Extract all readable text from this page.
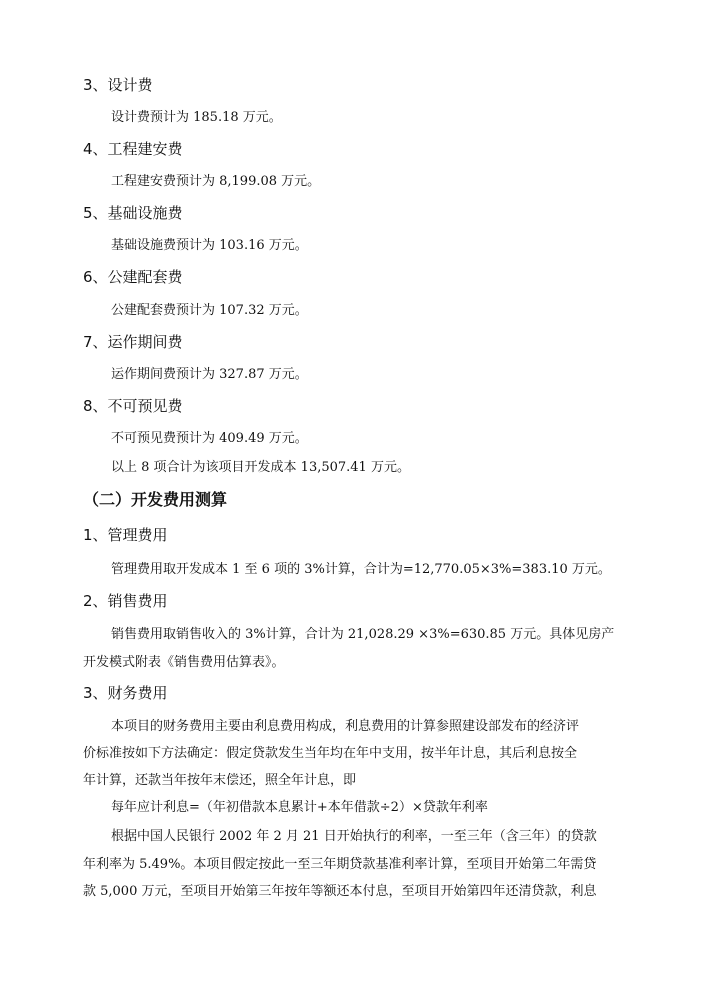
3、设计费
设计费预计为 185.18 万元。
4、工程建安费
工程建安费预计为 8,199.08 万元。
5、基础设施费
基础设施费预计为 103.16 万元。
6、公建配套费
公建配套费预计为 107.32 万元。
7、运作期间费
运作期间费预计为 327.87 万元。
8、不可预见费
不可预见费预计为 409.49 万元。
以上 8 项合计为该项目开发成本 13,507.41 万元。
（二）开发费用测算
1、管理费用
管理费用取开发成本 1 至 6 项的 3%计算，合计为=12,770.05×3%=383.10 万元。
2、销售费用
销售费用取销售收入的 3%计算，合计为 21,028.29 ×3%=630.85 万元。具体见房产
开发模式附表《销售费用估算表》。
3、财务费用
本项目的财务费用主要由利息费用构成，利息费用的计算参照建设部发布的经济评
价标准按如下方法确定：假定贷款发生当年均在年中支用，按半年计息，其后利息按全
年计算，还款当年按年末偿还，照全年计息，即
每年应计利息=（年初借款本息累计+本年借款÷2）×贷款年利率
根据中国人民银行 2002 年 2 月 21 日开始执行的利率，一至三年（含三年）的贷款
年利率为 5.49%。本项目假定按此一至三年期贷款基准利率计算，至项目开始第二年需贷
款 5,000 万元，至项目开始第三年按年等额还本付息，至项目开始第四年还清贷款，利息
